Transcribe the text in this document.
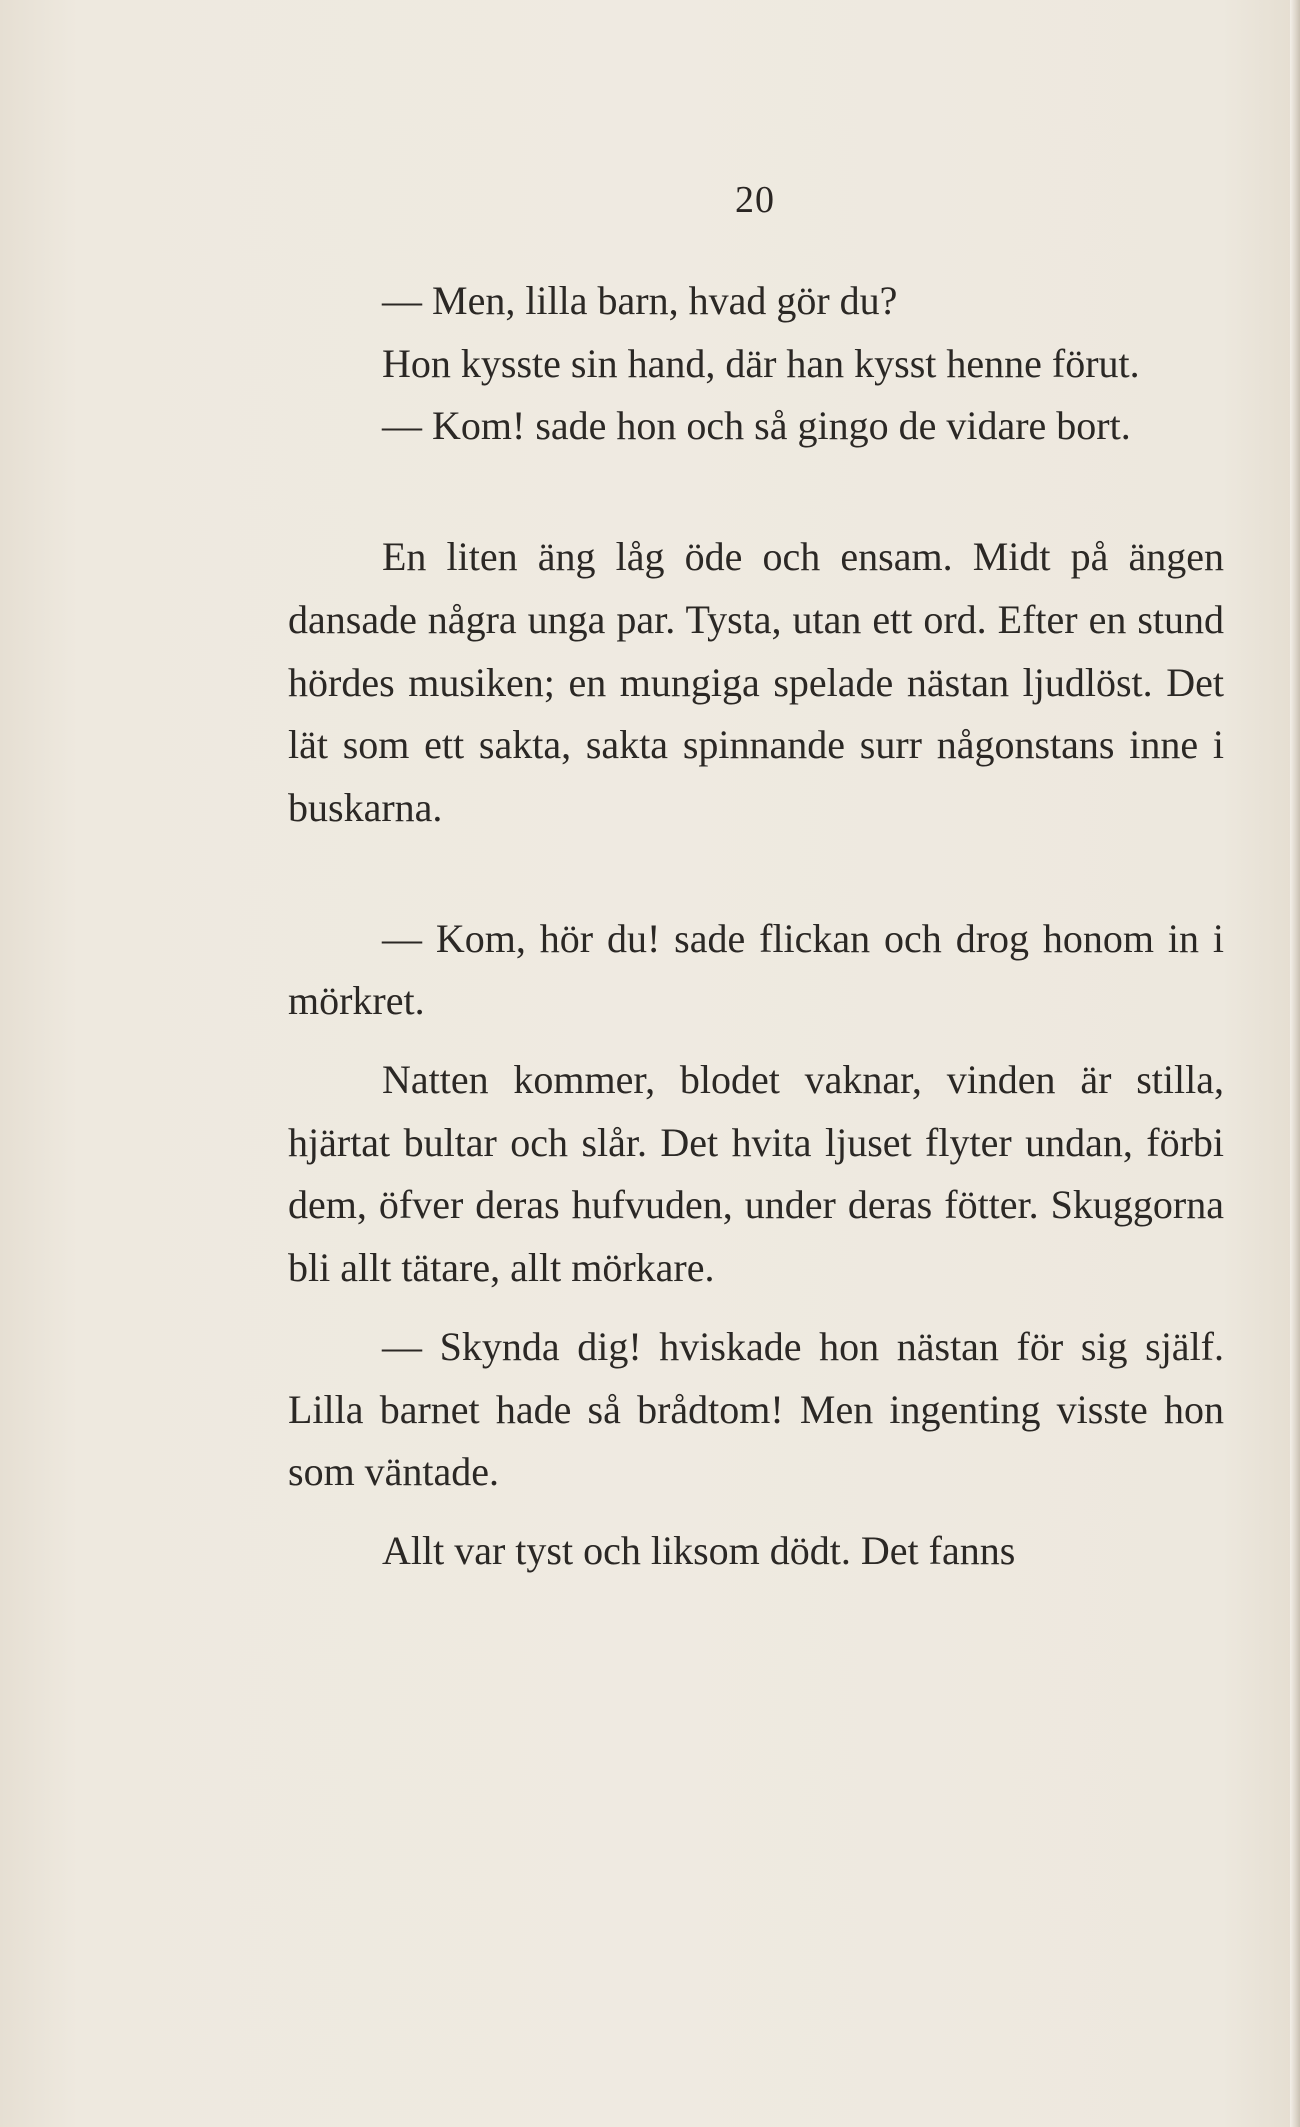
20

— Men, lilla barn, hvad gör du?

Hon kysste sin hand, där han kysst henne förut.

— Kom! sade hon och så gingo de vidare bort.

En liten äng låg öde och ensam. Midt på ängen dansade några unga par. Tysta, utan ett ord. Efter en stund hördes musiken; en mungiga spelade nästan ljudlöst. Det lät som ett sakta, sakta spinnande surr någonstans inne i buskarna.

— Kom, hör du! sade flickan och drog honom in i mörkret.

Natten kommer, blodet vaknar, vinden är stilla, hjärtat bultar och slår. Det hvita ljuset flyter undan, förbi dem, öfver deras hufvuden, under deras fötter. Skuggorna bli allt tätare, allt mörkare.

— Skynda dig! hviskade hon nästan för sig själf. Lilla barnet hade så brådtom! Men ingenting visste hon som väntade.

Allt var tyst och liksom dödt. Det fanns
